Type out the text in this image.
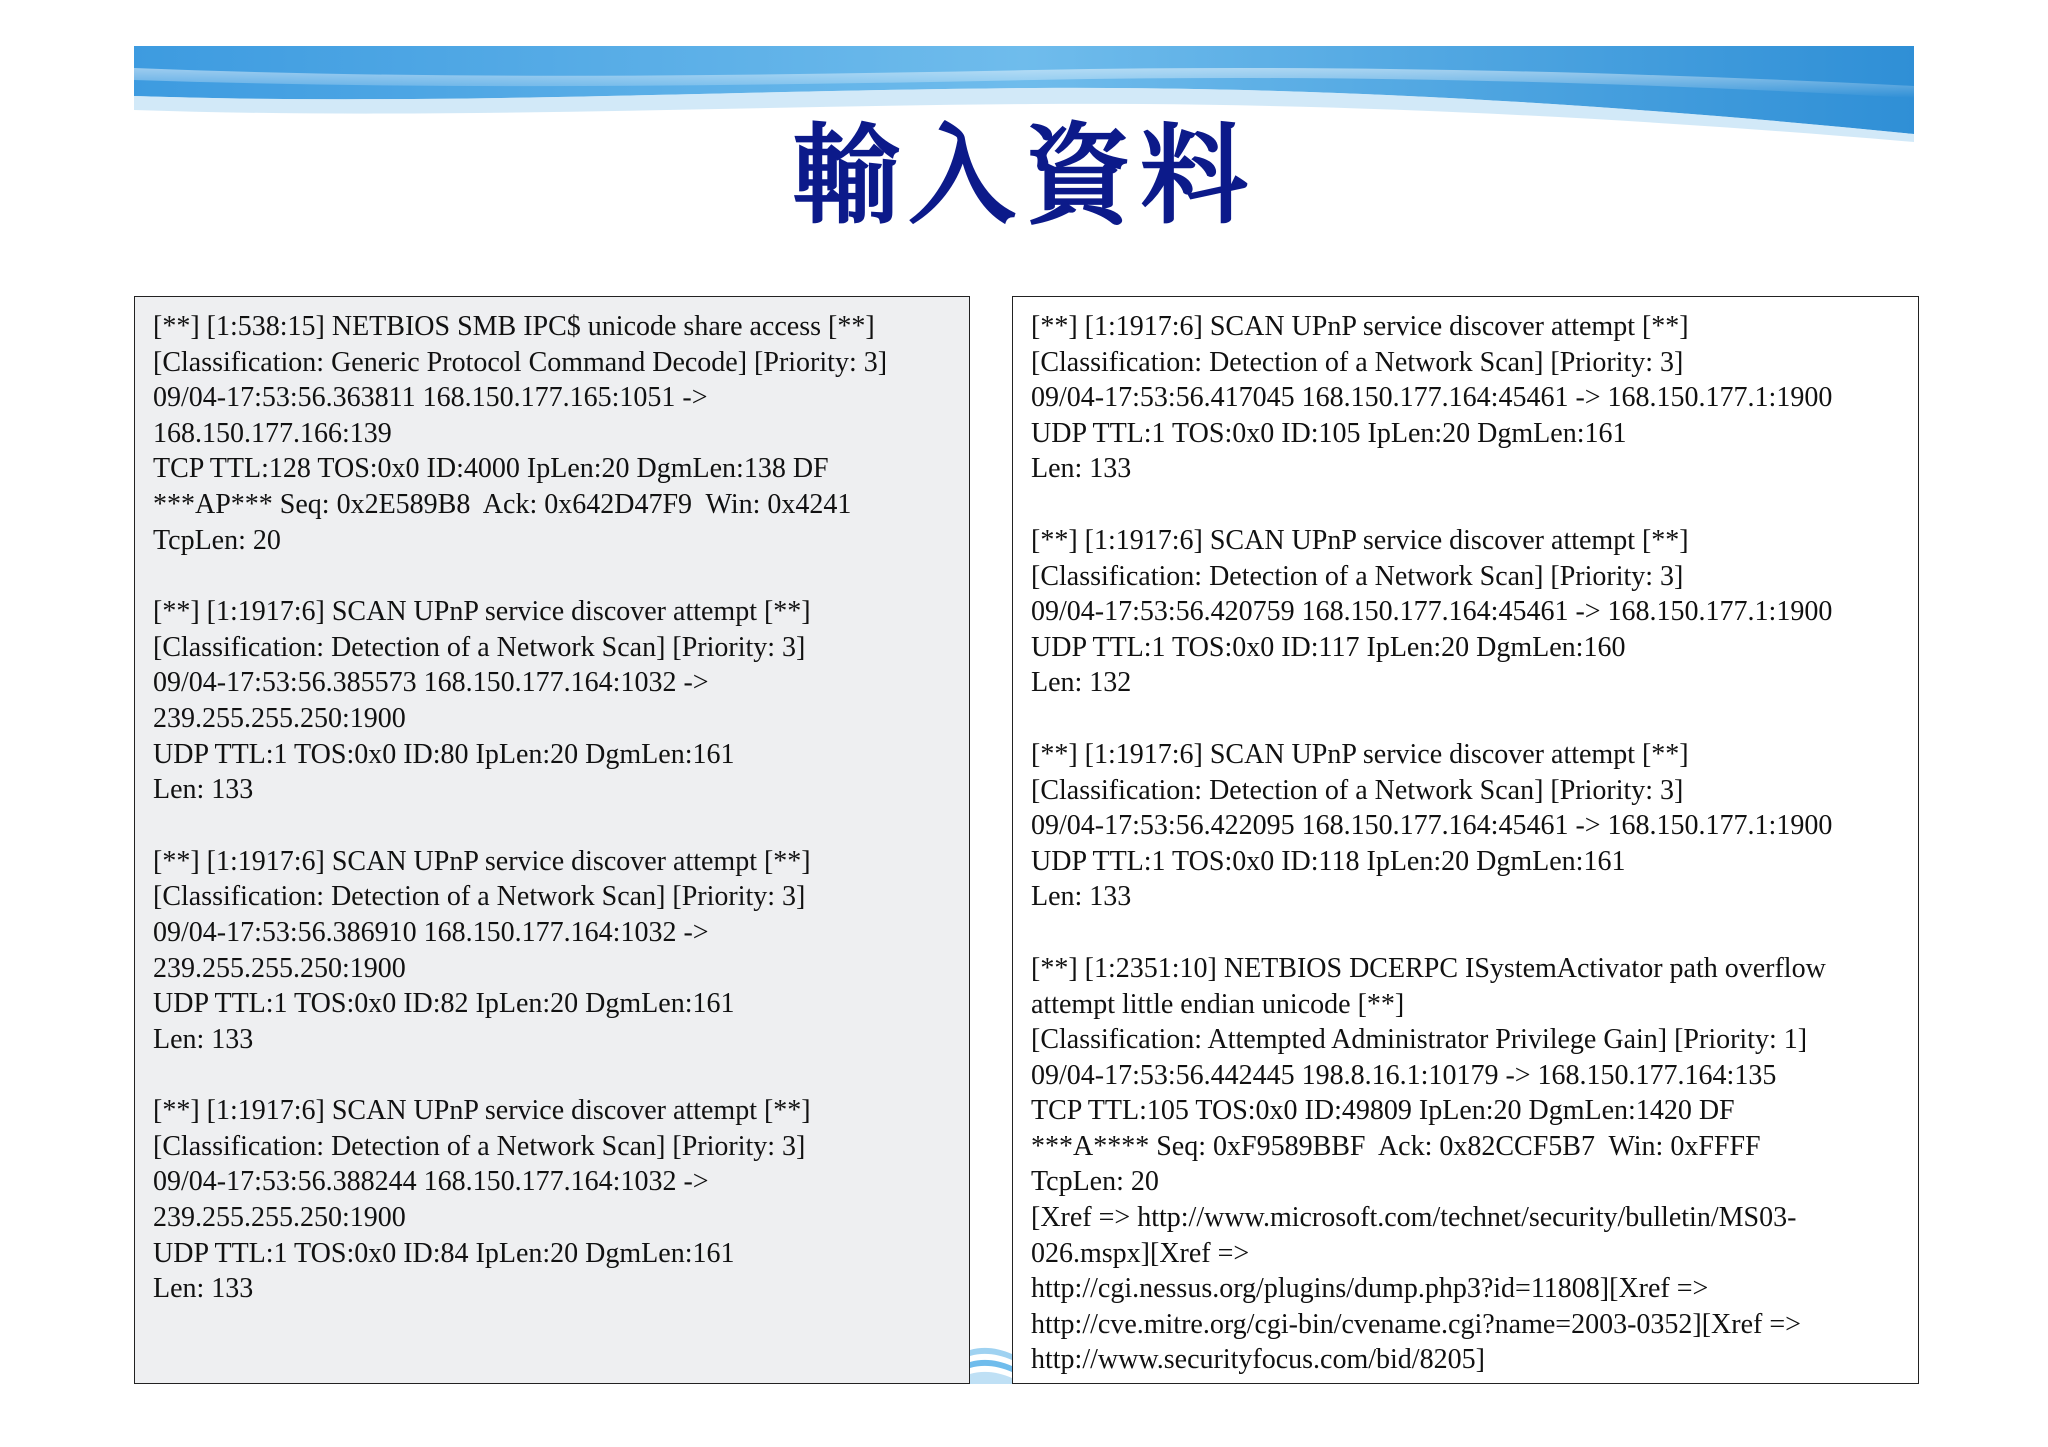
輸入資料
[**] [1:538:15] NETBIOS SMB IPC$ unicode share access [**]
[Classification: Generic Protocol Command Decode] [Priority: 3]
09/04-17:53:56.363811 168.150.177.165:1051 ->
168.150.177.166:139
TCP TTL:128 TOS:0x0 ID:4000 IpLen:20 DgmLen:138 DF
***AP*** Seq: 0x2E589B8  Ack: 0x642D47F9  Win: 0x4241
TcpLen: 20
[**] [1:1917:6] SCAN UPnP service discover attempt [**]
[Classification: Detection of a Network Scan] [Priority: 3]
09/04-17:53:56.385573 168.150.177.164:1032 ->
239.255.255.250:1900
UDP TTL:1 TOS:0x0 ID:80 IpLen:20 DgmLen:161
Len: 133
[**] [1:1917:6] SCAN UPnP service discover attempt [**]
[Classification: Detection of a Network Scan] [Priority: 3]
09/04-17:53:56.386910 168.150.177.164:1032 ->
239.255.255.250:1900
UDP TTL:1 TOS:0x0 ID:82 IpLen:20 DgmLen:161
Len: 133
[**] [1:1917:6] SCAN UPnP service discover attempt [**]
[Classification: Detection of a Network Scan] [Priority: 3]
09/04-17:53:56.388244 168.150.177.164:1032 ->
239.255.255.250:1900
UDP TTL:1 TOS:0x0 ID:84 IpLen:20 DgmLen:161
Len: 133
[**] [1:1917:6] SCAN UPnP service discover attempt [**]
[Classification: Detection of a Network Scan] [Priority: 3]
09/04-17:53:56.417045 168.150.177.164:45461 -> 168.150.177.1:1900
UDP TTL:1 TOS:0x0 ID:105 IpLen:20 DgmLen:161
Len: 133
[**] [1:1917:6] SCAN UPnP service discover attempt [**]
[Classification: Detection of a Network Scan] [Priority: 3]
09/04-17:53:56.420759 168.150.177.164:45461 -> 168.150.177.1:1900
UDP TTL:1 TOS:0x0 ID:117 IpLen:20 DgmLen:160
Len: 132
[**] [1:1917:6] SCAN UPnP service discover attempt [**]
[Classification: Detection of a Network Scan] [Priority: 3]
09/04-17:53:56.422095 168.150.177.164:45461 -> 168.150.177.1:1900
UDP TTL:1 TOS:0x0 ID:118 IpLen:20 DgmLen:161
Len: 133
[**] [1:2351:10] NETBIOS DCERPC ISystemActivator path overflow
attempt little endian unicode [**]
[Classification: Attempted Administrator Privilege Gain] [Priority: 1]
09/04-17:53:56.442445 198.8.16.1:10179 -> 168.150.177.164:135
TCP TTL:105 TOS:0x0 ID:49809 IpLen:20 DgmLen:1420 DF
***A**** Seq: 0xF9589BBF  Ack: 0x82CCF5B7  Win: 0xFFFF
TcpLen: 20
[Xref => http://www.microsoft.com/technet/security/bulletin/MS03-
026.mspx][Xref =>
http://cgi.nessus.org/plugins/dump.php3?id=11808][Xref =>
http://cve.mitre.org/cgi-bin/cvename.cgi?name=2003-0352][Xref =>
http://www.securityfocus.com/bid/8205]
